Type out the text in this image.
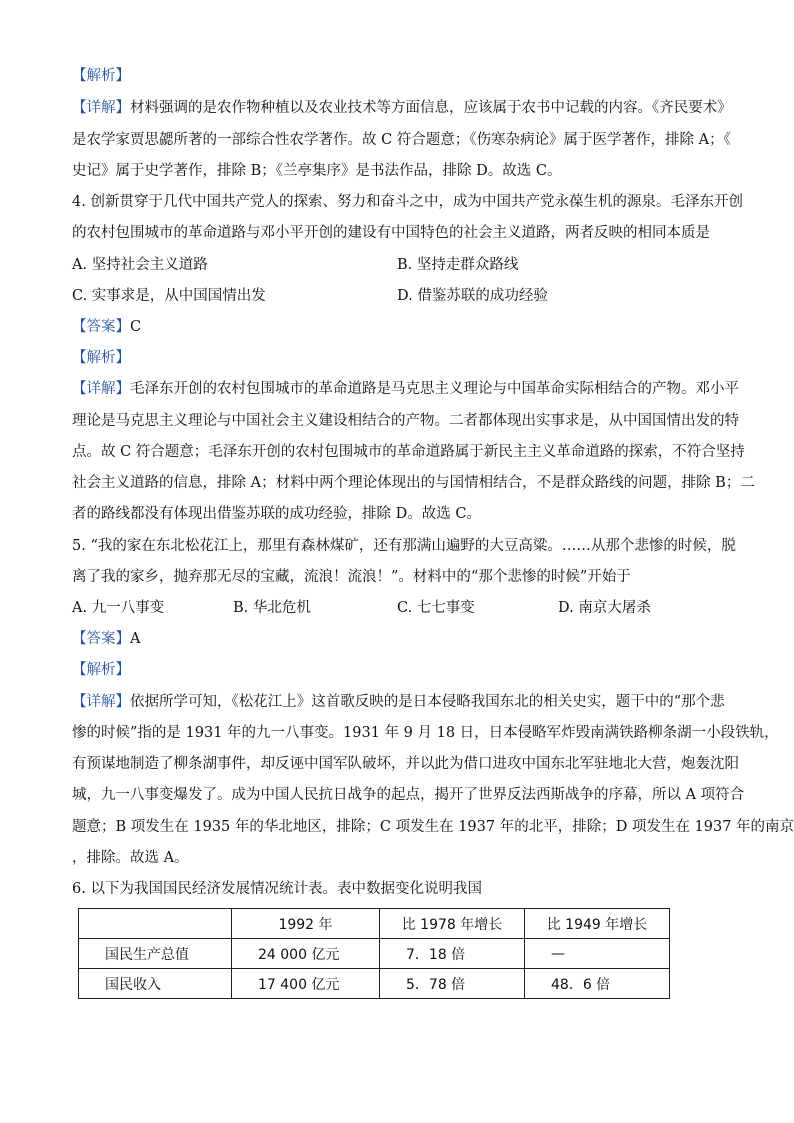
【解析】
【详解】材料强调的是农作物种植以及农业技术等方面信息，应该属于农书中记载的内容。《齐民要术》
是农学家贾思勰所著的一部综合性农学著作。故 C 符合题意；《伤寒杂病论》属于医学著作，排除 A；《
史记》属于史学著作，排除 B；《兰亭集序》是书法作品，排除 D。故选 C。
4. 创新贯穿于几代中国共产党人的探索、努力和奋斗之中，成为中国共产党永葆生机的源泉。毛泽东开创
的农村包围城市的革命道路与邓小平开创的建设有中国特色的社会主义道路，两者反映的相同本质是
A. 坚持社会主义道路	B. 坚持走群众路线
C. 实事求是，从中国国情出发	D. 借鉴苏联的成功经验
【答案】C
【解析】
【详解】毛泽东开创的农村包围城市的革命道路是马克思主义理论与中国革命实际相结合的产物。邓小平
理论是马克思主义理论与中国社会主义建设相结合的产物。二者都体现出实事求是，从中国国情出发的特
点。故 C 符合题意；毛泽东开创的农村包围城市的革命道路属于新民主主义革命道路的探索，不符合坚持
社会主义道路的信息，排除 A；材料中两个理论体现出的与国情相结合，不是群众路线的问题，排除 B；二
者的路线都没有体现出借鉴苏联的成功经验，排除 D。故选 C。
5. “我的家在东北松花江上，那里有森林煤矿，还有那满山遍野的大豆高粱。……从那个悲惨的时候，脱
离了我的家乡，抛弃那无尽的宝藏，流浪！流浪！”。材料中的“那个悲惨的时候”开始于
A. 九一八事变	B. 华北危机	C. 七七事变	D. 南京大屠杀
【答案】A
【解析】
【详解】依据所学可知，《松花江上》这首歌反映的是日本侵略我国东北的相关史实，题干中的“那个悲
惨的时候”指的是 1931 年的九一八事变。1931 年 9 月 18 日，日本侵略军炸毁南满铁路柳条湖一小段铁轨，
有预谋地制造了柳条湖事件，却反诬中国军队破坏，并以此为借口进攻中国东北军驻地北大营，炮轰沈阳
城，九一八事变爆发了。成为中国人民抗日战争的起点，揭开了世界反法西斯战争的序幕，所以 A 项符合
题意；B 项发生在 1935 年的华北地区，排除；C 项发生在 1937 年的北平，排除；D 项发生在 1937 年的南京
，排除。故选 A。
6. 以下为我国国民经济发展情况统计表。表中数据变化说明我国
	1992 年	比 1978 年增长	比 1949 年增长
国民生产总值	24 000 亿元	7．18 倍	—
国民收入	17 400 亿元	5．78 倍	48．6 倍
